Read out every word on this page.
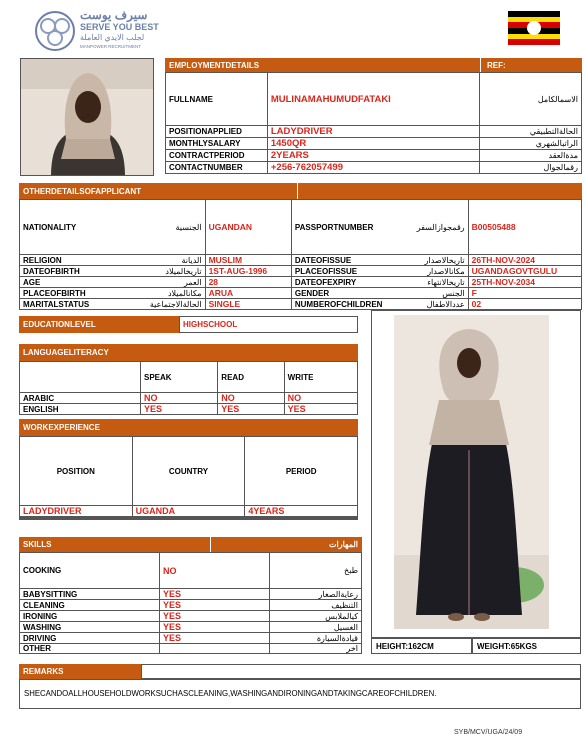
سيرف يوست
SERVE YOU BEST
لجلب الايدي العاملة
MANPOWER RECRUITMENT
EMPLOYMENTDETAILS	REF:
FULLNAME	MULINAMAHUMUDFATAKI	الاسمالكامل
POSITIONAPPLIED	LADYDRIVER	الحالةالتطبيقي
MONTHLYSALARY	1450QR	الراتبالشهري
CONTRACTPERIOD	2YEARS	مدةالعقد
CONTACTNUMBER	+256-762057499	رقمالجوال
OTHERDETAILSOFAPPLICANT
NATIONALITY	الجنسية	UGANDAN	PASSPORTNUMBER	رقمجوازالسفر	B00505488
RELIGION	الديانة	MUSLIM	DATEOFISSUE	تاريخالاصدار	26TH-NOV-2024
DATEOFBIRTH	تاريخالميلاد	1ST-AUG-1996	PLACEOFISSUE	مكانالاصدار	UGANDAGOVTGULU
AGE	العمر	28	DATEOFEXPIRY	تاريخالانتهاء	25TH-NOV-2034
PLACEOFBIRTH	مكانالميلاد	ARUA	GENDER	الجنس	F
MARITALSTATUS	الحالةالاجتماعية	SINGLE	NUMBEROFCHILDREN	عددالاطفال	02
EDUCATIONLEVEL	HIGHSCHOOL
LANGUAGELITERACY
	SPEAK	READ	WRITE
ARABIC	NO	NO	NO
ENGLISH	YES	YES	YES
WORKEXPERIENCE
POSITION	COUNTRY	PERIOD
LADYDRIVER	UGANDA	4YEARS

SKILLS	المهارات
COOKING	NO	طبخ
BABYSITTING	YES	رعايةالصغار
CLEANING	YES	التنظيف
IRONING	YES	كيالملابس
WASHING	YES	الغسيل
DRIVING	YES	قيادةالسيارة
OTHER		اخر HEIGHT:162CM	WEIGHT:65KGS
REMARKS
SHECANDOALLHOUSEHOLDWORKSUCHASCLEANING,WASHINGANDIRONINGANDTAKINGCAREOFCHILDREN.
SYB/MCV/UGA/24/09
